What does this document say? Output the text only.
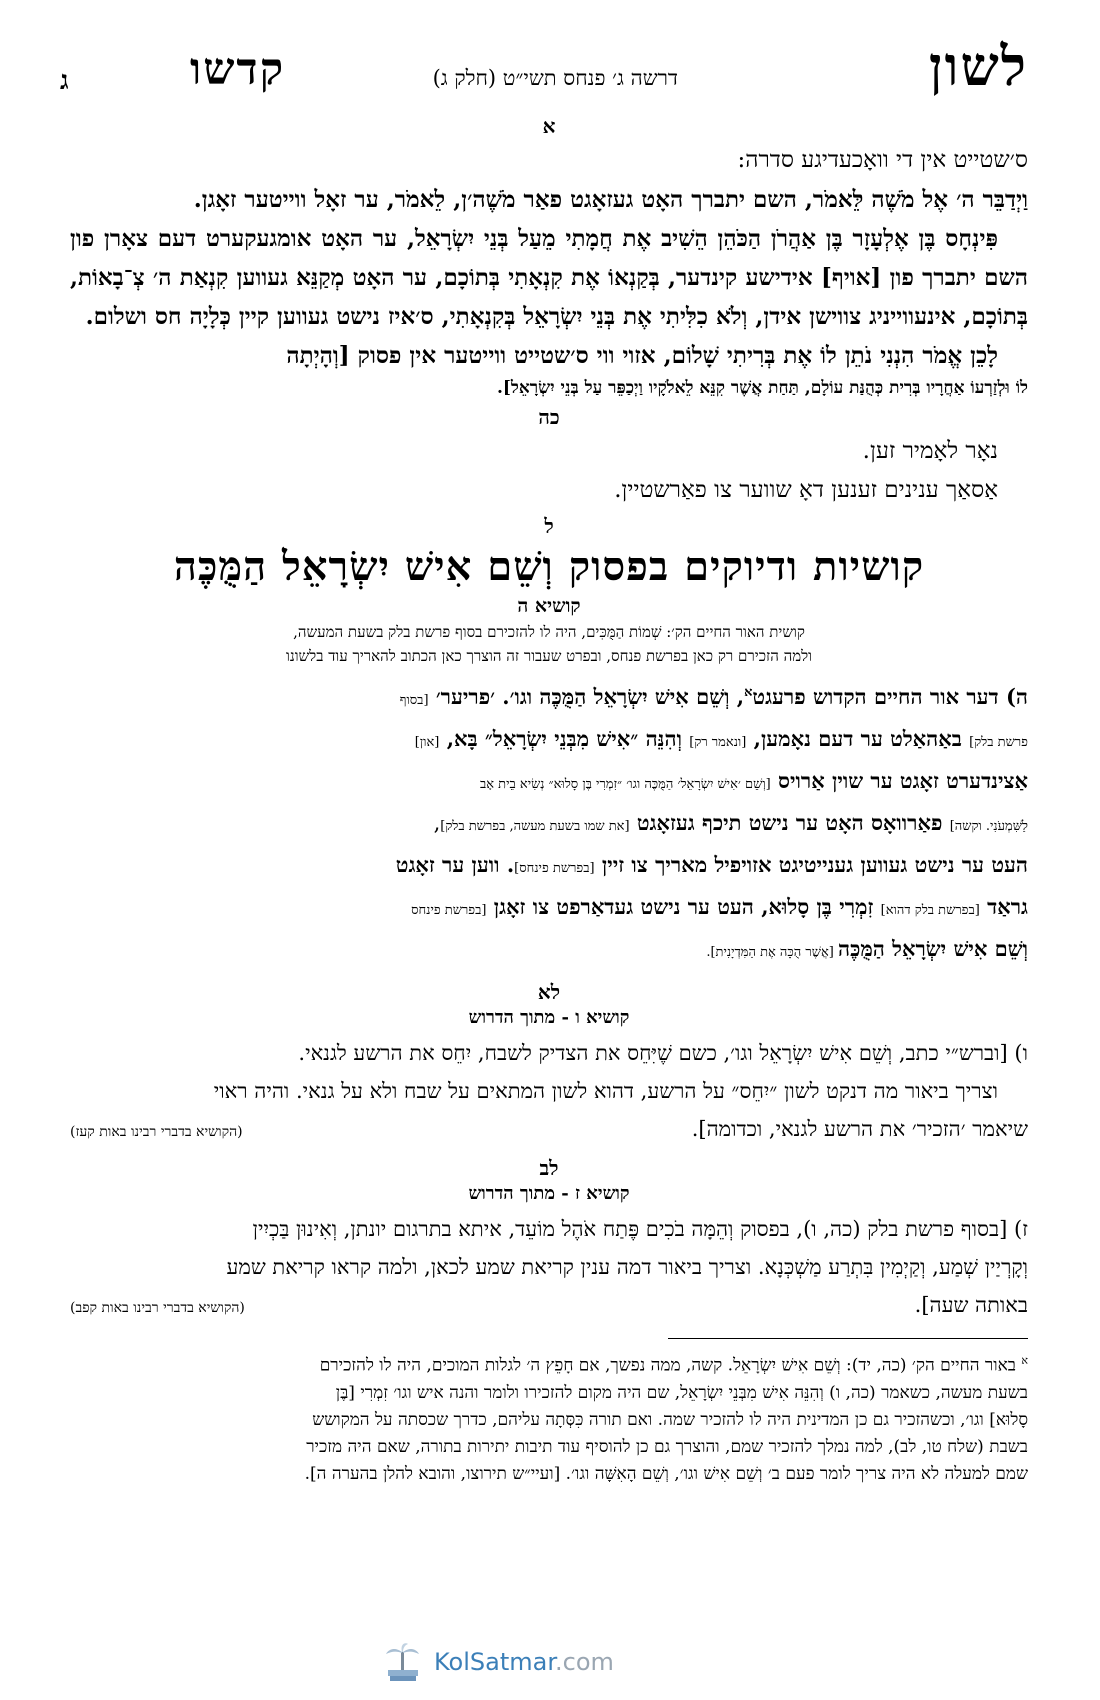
לשון
דרשה ג׳ פנחס תשי״ט (חלק ג)
קדשו
ג
א

ס׳שטייט אין די וואָכעדיגע סדרה:

וַיְדַבֵּר ה׳ אֶל מֹשֶׁה לֵּאמֹר, השם יתברך האָט געזאָגט פאַר מֹשֶׁה׳ן, לֵאמֹר, ער זאָל ווייטער זאָגן.

פִּינְחָס בֶּן אֶלְעָזָר בֶּן אַהֲרֹן הַכֹּהֵן הֵשִׁיב אֶת חֲמָתִי מֵעַל בְּנֵי יִשְׂרָאֵל, ער האָט אומגעקערט דעם צאָרן פון השם יתברך פון [אויף] אידישע קינדער, בְּקַנְאוֹ אֶת קִנְאָתִי בְּתוֹכָם, ער האָט מְקַנֵּא געווען קִנְאַת ה׳ צְ־בָאוֹת, בְּתוֹכָם, אינעווייניג צווישן אידן, וְלֹא כִלִּיתִי אֶת בְּנֵי יִשְׂרָאֵל בְּקִנְאָתִי, ס׳איז נישט געווען קיין כְּלָיָה חס ושלום.

לָכֵן אֱמֹר הִנְנִי נֹתֵן לוֹ אֶת בְּרִיתִי שָׁלוֹם, אזוי ווי ס׳שטייט ווייטער אין פסוק [וְהָיְתָה

לוֹ וּלְזַרְעוֹ אַחֲרָיו בְּרִית כְּהֻנַּת עוֹלָם, תַּחַת אֲשֶׁר קִנֵּא לֵאלֹקָיו וַיְכַפֵּר עַל בְּנֵי יִשְׂרָאֵל].

כה

נאָר לאָמיר זען.

אַסאַך ענינים זענען דאָ שווער צו פאַרשטיין.

ל
קושיות ודיוקים בפסוק וְשֵׁם אִישׁ יִשְׂרָאֵל הַמֻּכֶּה
קושיא ה

קושית האור החיים הק׳: שְׁמוֹת הַמֻּכִּים, היה לו להזכירם בסוף פרשת בלק בשעת המעשה,

ולמה הזכירם רק כאן בפרשת פנחס, ובפרט שעבור זה הוצרך כאן הכתוב להאריך עוד בלשונו

ה) דער אור החיים הקדוש פרעגט$^א$, וְשֵׁם אִישׁ יִשְׂרָאֵל הַמֻּכֶּה וגו׳. ׳פריער׳ [בסוף

פרשת בלק] באַהאַלט ער דעם נאָמען, [ונאמר רק] וְהִנֵּה ״אִישׁ מִבְּנֵי יִשְׂרָאֵל״ בָּא, [און]

אַצינדערט זאָגט ער שוין אַרויס [וְשֵׁם ׳אִישׁ יִשְׂרָאֵל׳ הַמֻּכֶּה וגו׳ ״זִמְרִי בֶּן סָלוּא״ נְשִׂיא בֵית אָב

לַשִּׁמְעֹנִי. וקשה] פאַרוואָס האָט ער נישט תיכף געזאָגט [את שמו בשעת מעשה, בפרשת בלק],

העט ער נישט געווען גענייטיגט אזויפיל מאריך צו זיין [בפרשת פינחס]. ווען ער זאָגט

גראַד [בפרשת בלק דהוא] זִמְרִי בֶּן סָלוּא, העט ער נישט געדאַרפט צו זאָגן [בפרשת פינחס

וְשֵׁם אִישׁ יִשְׂרָאֵל הַמֻּכֶּה [אֲשֶׁר הֻכָּה אֶת הַמִּדְיָנִית].

לא
קושיא ו - מתוך הדרוש

ו) [וברש״י כתב, וְשֵׁם אִישׁ יִשְׂרָאֵל וגו׳, כשם שֶׁיִּחֵס את הצדיק לשבח, יִחֵס את הרשע לגנאי.

וצריך ביאור מה דנקט לשון ״יִחֵס״ על הרשע, דהוא לשון המתאים על שבח ולא על גנאי. והיה ראוי

שיאמר ׳הזכיר׳ את הרשע לגנאי, וכדומה].
(הקושיא בדברי רבינו באות קעז)
לב
קושיא ז - מתוך הדרוש

ז) [בסוף פרשת בלק (כה, ו), בפסוק וְהֵמָּה בֹכִים פֶּתַח אֹהֶל מוֹעֵד, איתא בתרגום יונתן, וְאִינוּן בַּכְיִין

וְקָרְיַין שְׁמַע, וְקַיְמִין בִּתְרַע מַשְׁכְּנָא. וצריך ביאור דמה ענין קריאת שמע לכאן, ולמה קראו קריאת שמע

באותה שעה].
(הקושיא בדברי רבינו באות קפב)

$^א$ באור החיים הק׳ (כה, יד): וְשֵׁם אִישׁ יִשְׂרָאֵל. קשה, ממה נפשך, אם חָפֵץ ה׳ לגלות המוכים, היה לו להזכירם

בשעת מעשה, כשאמר (כה, ו) וְהִנֵּה אִישׁ מִבְּנֵי יִשְׂרָאֵל, שם היה מקום להזכירו ולומר והנה איש וגו׳ זִמְרִי [בֶּן

סָלוּא] וגו׳, וכשהזכיר גם כן המדינית היה לו להזכיר שמה. ואם תורה כִּסְּתָה עליהם, כדרך שכסתה על המקושש

בשבת (שלח טו, לב), למה נמלך להזכיר שמם, והוצרך גם כן להוסיף עוד תיבות יתירות בתורה, שאם היה מזכיר

שמם למעלה לא היה צריך לומר פעם ב׳ וְשֵׁם אִישׁ וגו׳, וְשֵׁם הָאִשָּׁה וגו׳. [ועיי״ש תירוצו, והובא להלן בהערה ה].

KolSatmar.com
